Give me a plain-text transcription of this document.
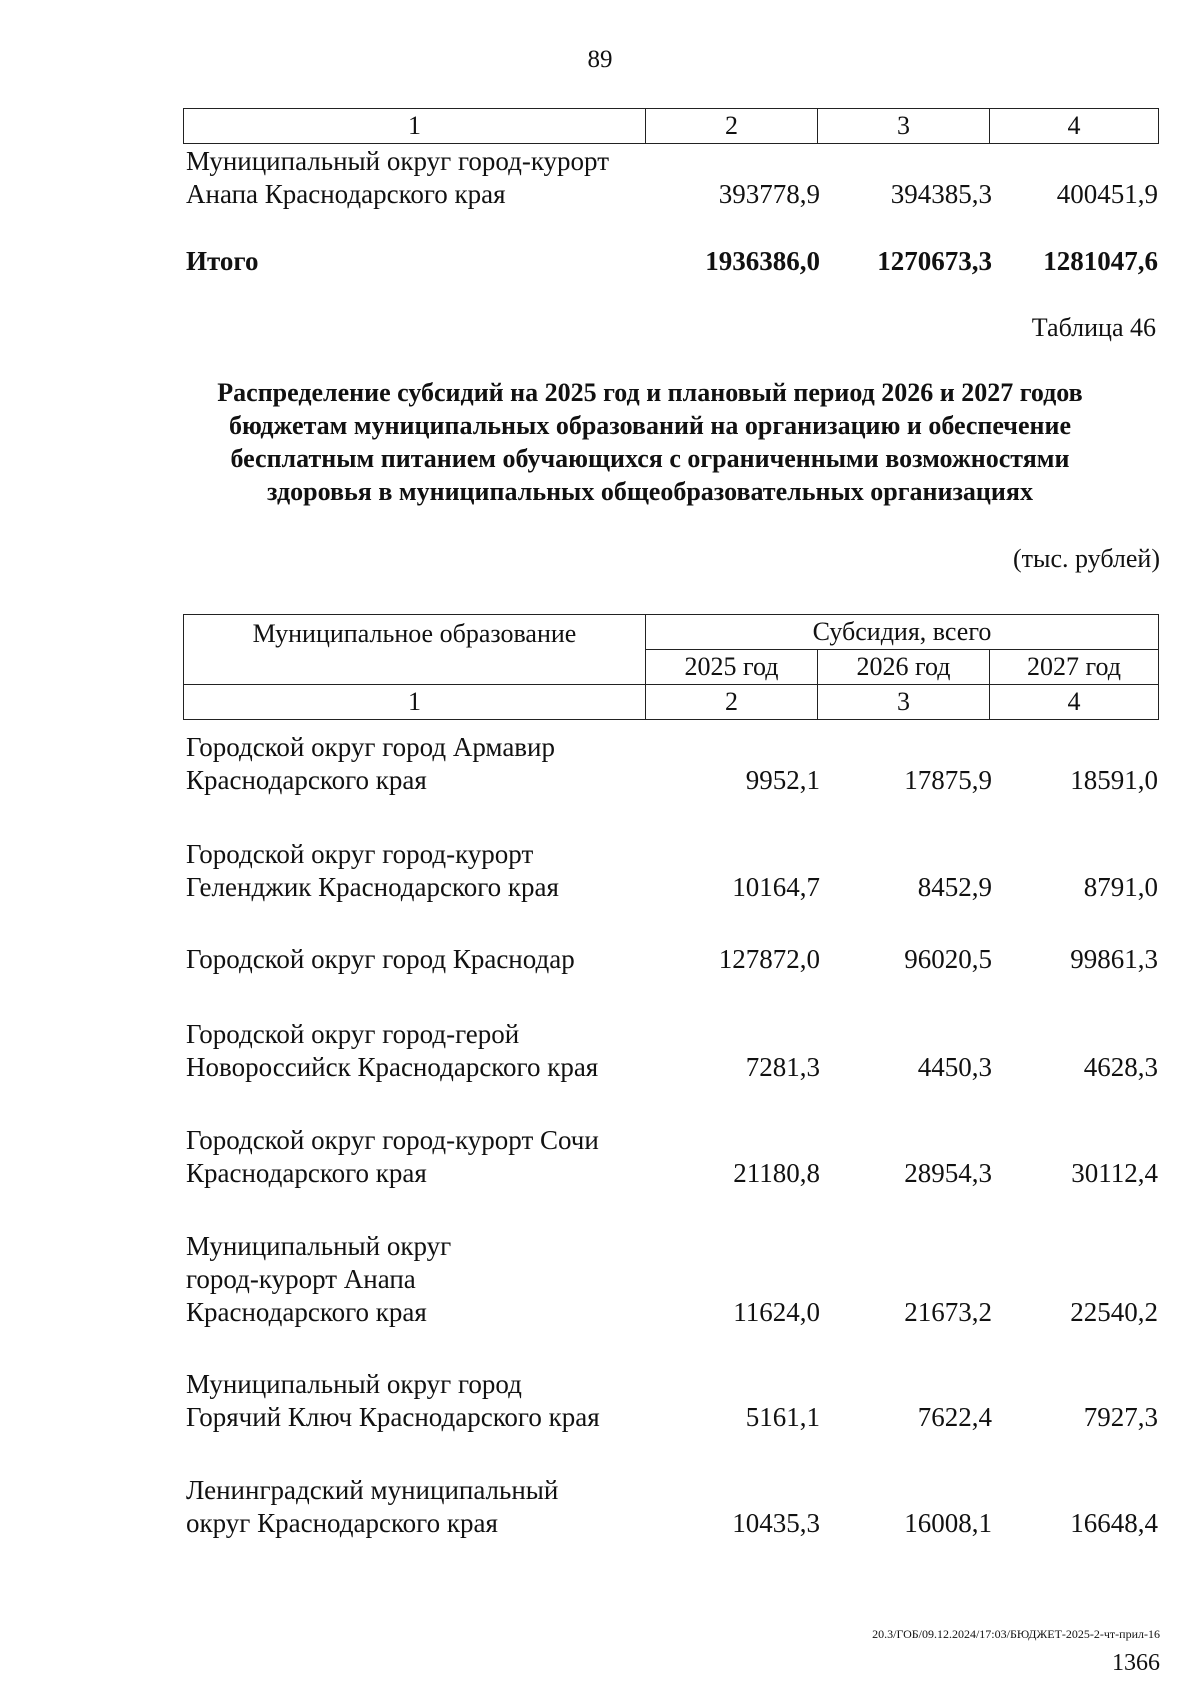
89
1	2	3	4
Муниципальный округ город-курорт
Анапа Краснодарского края	393778,9	394385,3	400451,9
Итого	1936386,0	1270673,3	1281047,6
Таблица 46
Распределение субсидий на 2025 год и плановый период 2026 и 2027 годов
бюджетам муниципальных образований на организацию и обеспечение
бесплатным питанием обучающихся с ограниченными возможностями
здоровья в муниципальных общеобразовательных организациях
(тыс. рублей)
Муниципальное образование	Субсидия, всего		
	2025 год	2026 год	2027 год
1	2	3	4
Городской округ город Армавир
Краснодарского края	9952,1	17875,9	18591,0
Городской округ город-курорт
Геленджик Краснодарского края	10164,7	8452,9	8791,0
Городской округ город Краснодар	127872,0	96020,5	99861,3
Городской округ город-герой
Новороссийск Краснодарского края	7281,3	4450,3	4628,3
Городской округ город-курорт Сочи
Краснодарского края	21180,8	28954,3	30112,4
Муниципальный округ
город-курорт Анапа
Краснодарского края	11624,0	21673,2	22540,2
Муниципальный округ город
Горячий Ключ Краснодарского края	5161,1	7622,4	7927,3
Ленинградский муниципальный
округ Краснодарского края	10435,3	16008,1	16648,4
20.3/ГОБ/09.12.2024/17:03/БЮДЖЕТ-2025-2-чт-прил-16
1366
